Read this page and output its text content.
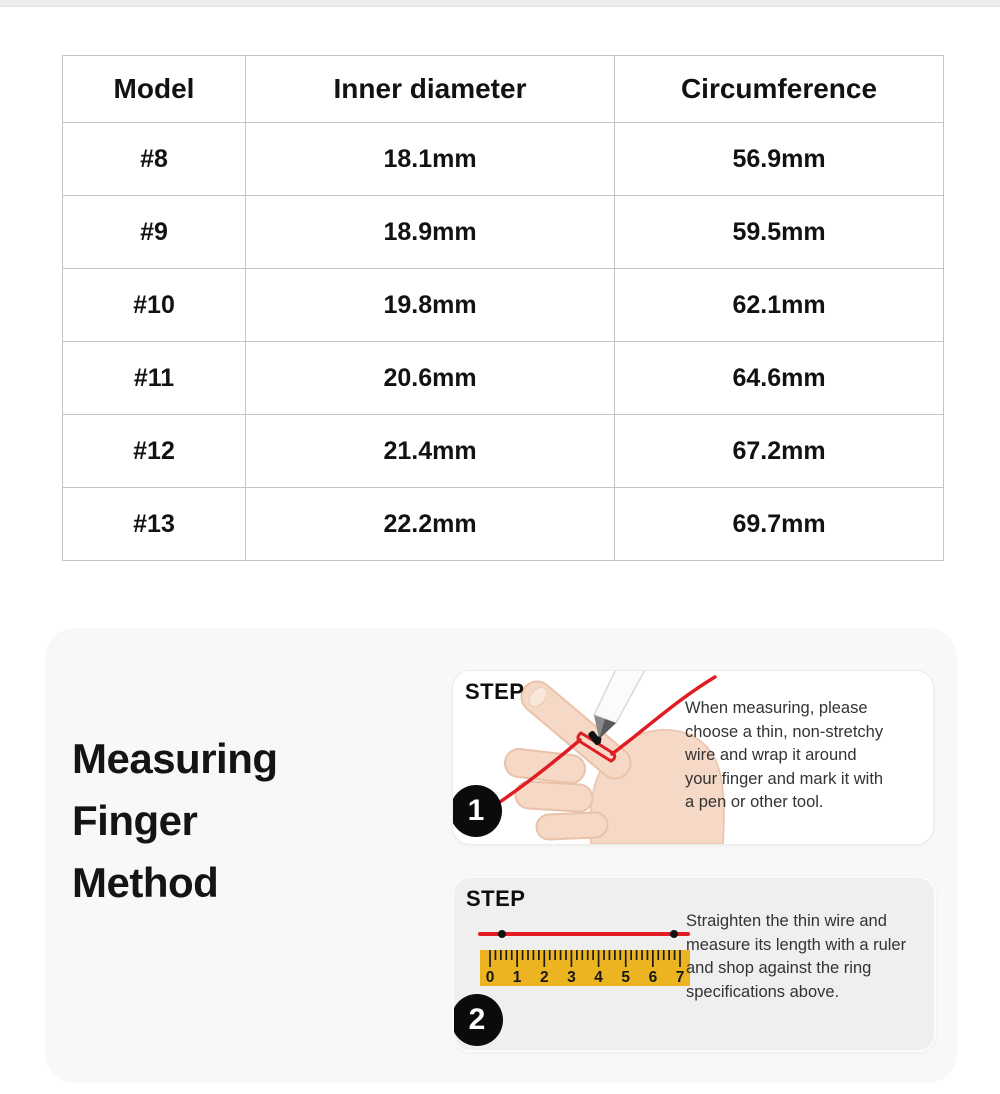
Model	Inner diameter	Circumference
#8	18.1mm	56.9mm
#9	18.9mm	59.5mm
#10	19.8mm	62.1mm
#11	20.6mm	64.6mm
#12	21.4mm	67.2mm
#13	22.2mm	69.7mm
Measuring
Finger
Method
STEP
1
When measuring, please choose a thin, non-stretchy wire and wrap it around your finger and mark it with a pen or other tool.
0 1 2 3 4 5 6 7
STEP
2
Straighten the thin wire and measure its length with a ruler and shop against the ring specifications above.
